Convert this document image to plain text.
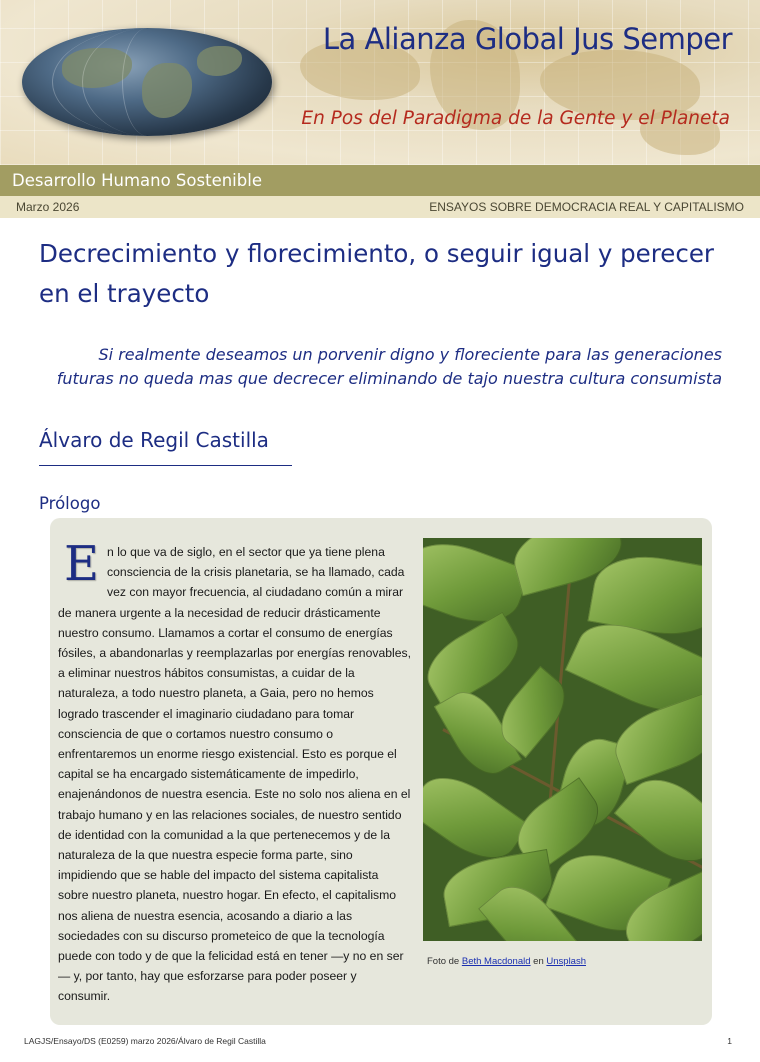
La Alianza Global Jus Semper
En Pos del Paradigma de la Gente y el Planeta
Desarrollo Humano Sostenible
Marzo 2026	ENSAYOS SOBRE DEMOCRACIA REAL Y CAPITALISMO
Decrecimiento y florecimiento, o seguir igual y perecer en el trayecto
Si realmente deseamos un porvenir digno y floreciente para las generaciones futuras no queda mas que decrecer eliminando de tajo nuestra cultura consumista
Álvaro de Regil Castilla
Prólogo

En lo que va de siglo, en el sector que ya tiene plena consciencia de la crisis planetaria, se ha llamado, cada vez con mayor frecuencia, al ciudadano común a mirar de manera urgente a la necesidad de reducir drásticamente nuestro consumo. Llamamos a cortar el consumo de energías fósiles, a abandonarlas y reemplazarlas por energías renovables, a eliminar nuestros hábitos consumistas, a cuidar de la naturaleza, a todo nuestro planeta, a Gaia, pero no hemos logrado trascender el imaginario ciudadano para tomar consciencia de que o cortamos nuestro consumo o enfrentaremos un enorme riesgo existencial. Esto es porque el capital se ha encargado sistemáticamente de impedirlo, enajenándonos de nuestra esencia. Este no solo nos aliena en el trabajo humano y en las relaciones sociales, de nuestro sentido de identidad con la comunidad a la que pertenecemos y de la naturaleza de la que nuestra especie forma parte, sino impidiendo que se hable del impacto del sistema capitalista sobre nuestro planeta, nuestro hogar. En efecto, el capitalismo nos aliena de nuestra esencia, acosando a diario a las sociedades con su discurso prometeico de que la tecnología puede con todo y de que la felicidad está en tener —y no en ser— y, por tanto, hay que esforzarse para poder poseer y consumir.

Foto de Beth Macdonald en Unsplash
LAGJS/Ensayo/DS (E0259) marzo 2026/Álvaro de Regil Castilla	1
